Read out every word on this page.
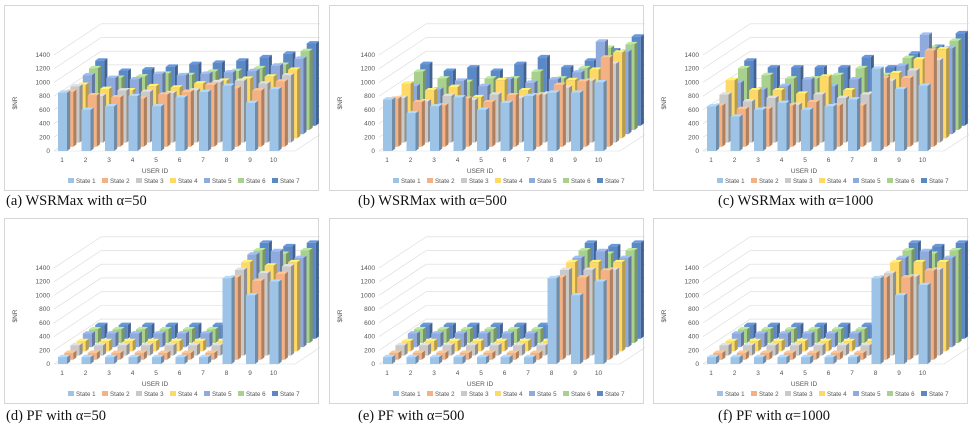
0
200
400
600
800
1000
1200
1400
$NR
1	2	3	4	5	6	7	8	9	10
USER ID
State 1 State 2 State 3 State 4 State 5 State 6 State 7
(a) WSRMax with α=50
0
200
400
600
800
1000
1200
1400
$NR
1	2	3	4	5	6	7	8	9	10
USER ID
State 1 State 2 State 3 State 4 State 5 State 6 State 7
(b) WSRMax with α=500
0
200
400
600
800
1000
1200
1400
$NR
1	2	3	4	5	6	7	8	9	10
USER ID
State 1 State 2 State 3 State 4 State 5 State 6 State 7
(c) WSRMax with α=1000
0
200
400
600
800
1000
1200
1400
$NR
1	2	3	4	5	6	7	8	9	10
USER ID
State 1 State 2 State 3 State 4 State 5 State 6 State 7
(d) PF with α=50
0
200
400
600
800
1000
1200
1400
$NR
1	2	3	4	5	6	7	8	9	10
USER ID
State 1 State 2 State 3 State 4 State 5 State 6 State 7
(e) PF with α=500
0
200
400
600
800
1000
1200
1400
$NR
1	2	3	4	5	6	7	8	9	10
USER ID
State 1 State 2 State 3 State 4 State 5 State 6 State 7
(f) PF with α=1000
